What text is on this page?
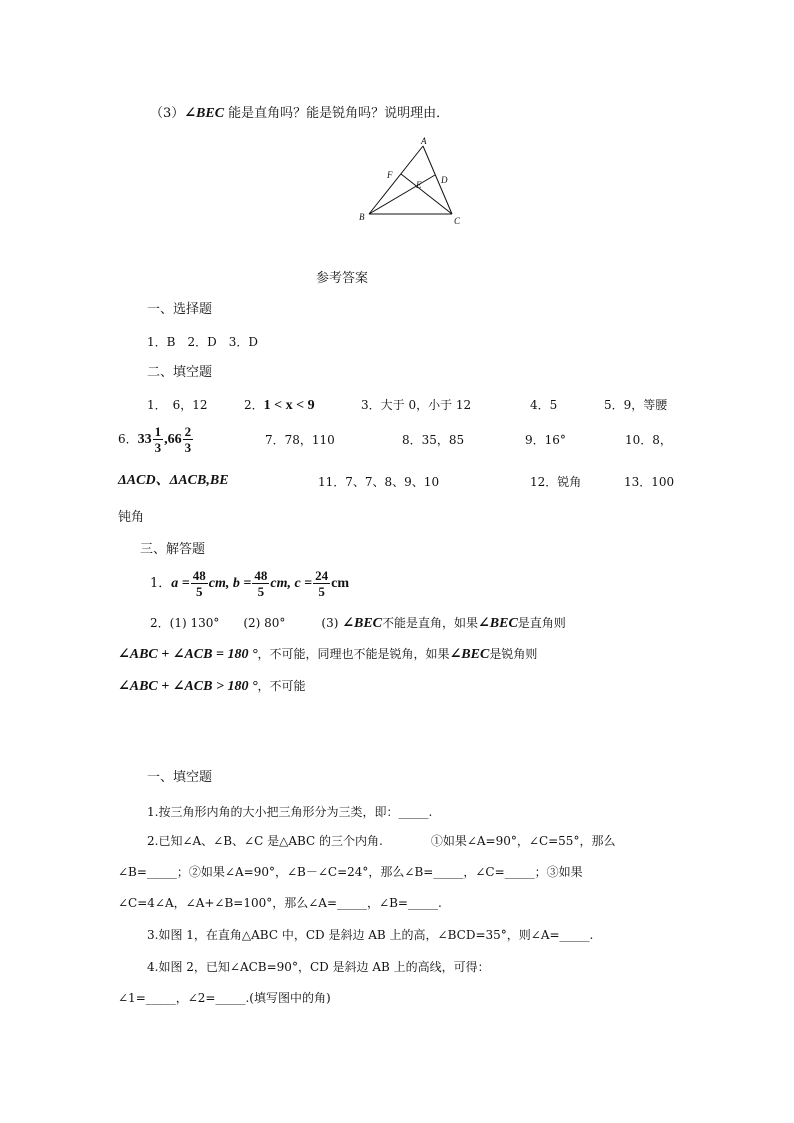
（3）∠BEC 能是直角吗？能是锐角吗？说明理由．
A
B	C
D
E
F
参考答案
一、选择题
1．B　2．D　3．D
二、填空题
1．　6，12	2．1 < x < 9	3．大于 0，小于 12	4．5	5．9，等腰
6．$33 \frac{1}{3} ,66 \frac{2}{3}$	7．78，110	8．35，85	9．16°	10．8，
ΔACD、ΔACB,BE	11．7、7、8、9、10	12．锐角	13．100
钝角
三、解答题
1．$a = \frac{48}{5}$ cm, $b = \frac{48}{5}$ cm, $c = \frac{24}{5}$ cm
2．(1) 130°　　(2) 80°　　　(3) ∠BEC不能是直角，如果∠BEC是直角则
∠ABC + ∠ACB = 180 °，不可能，同理也不能是锐角，如果∠BEC是锐角则
∠ABC + ∠ACB > 180 °，不可能
一、填空题
1.按三角形内角的大小把三角形分为三类，即：_____.
2.已知∠A、∠B、∠C 是△ABC 的三个内角.　　　　①如果∠A=90°，∠C=55°，那么
∠B=_____；②如果∠A=90°，∠B－∠C=24°，那么∠B=_____，∠C=_____；③如果
∠C=4∠A，∠A+∠B=100°，那么∠A=_____，∠B=_____.
3.如图 1，在直角△ABC 中，CD 是斜边 AB 上的高，∠BCD=35°，则∠A=_____.
4.如图 2，已知∠ACB=90°，CD 是斜边 AB 上的高线，可得：
∠1=_____，∠2=_____.(填写图中的角)
